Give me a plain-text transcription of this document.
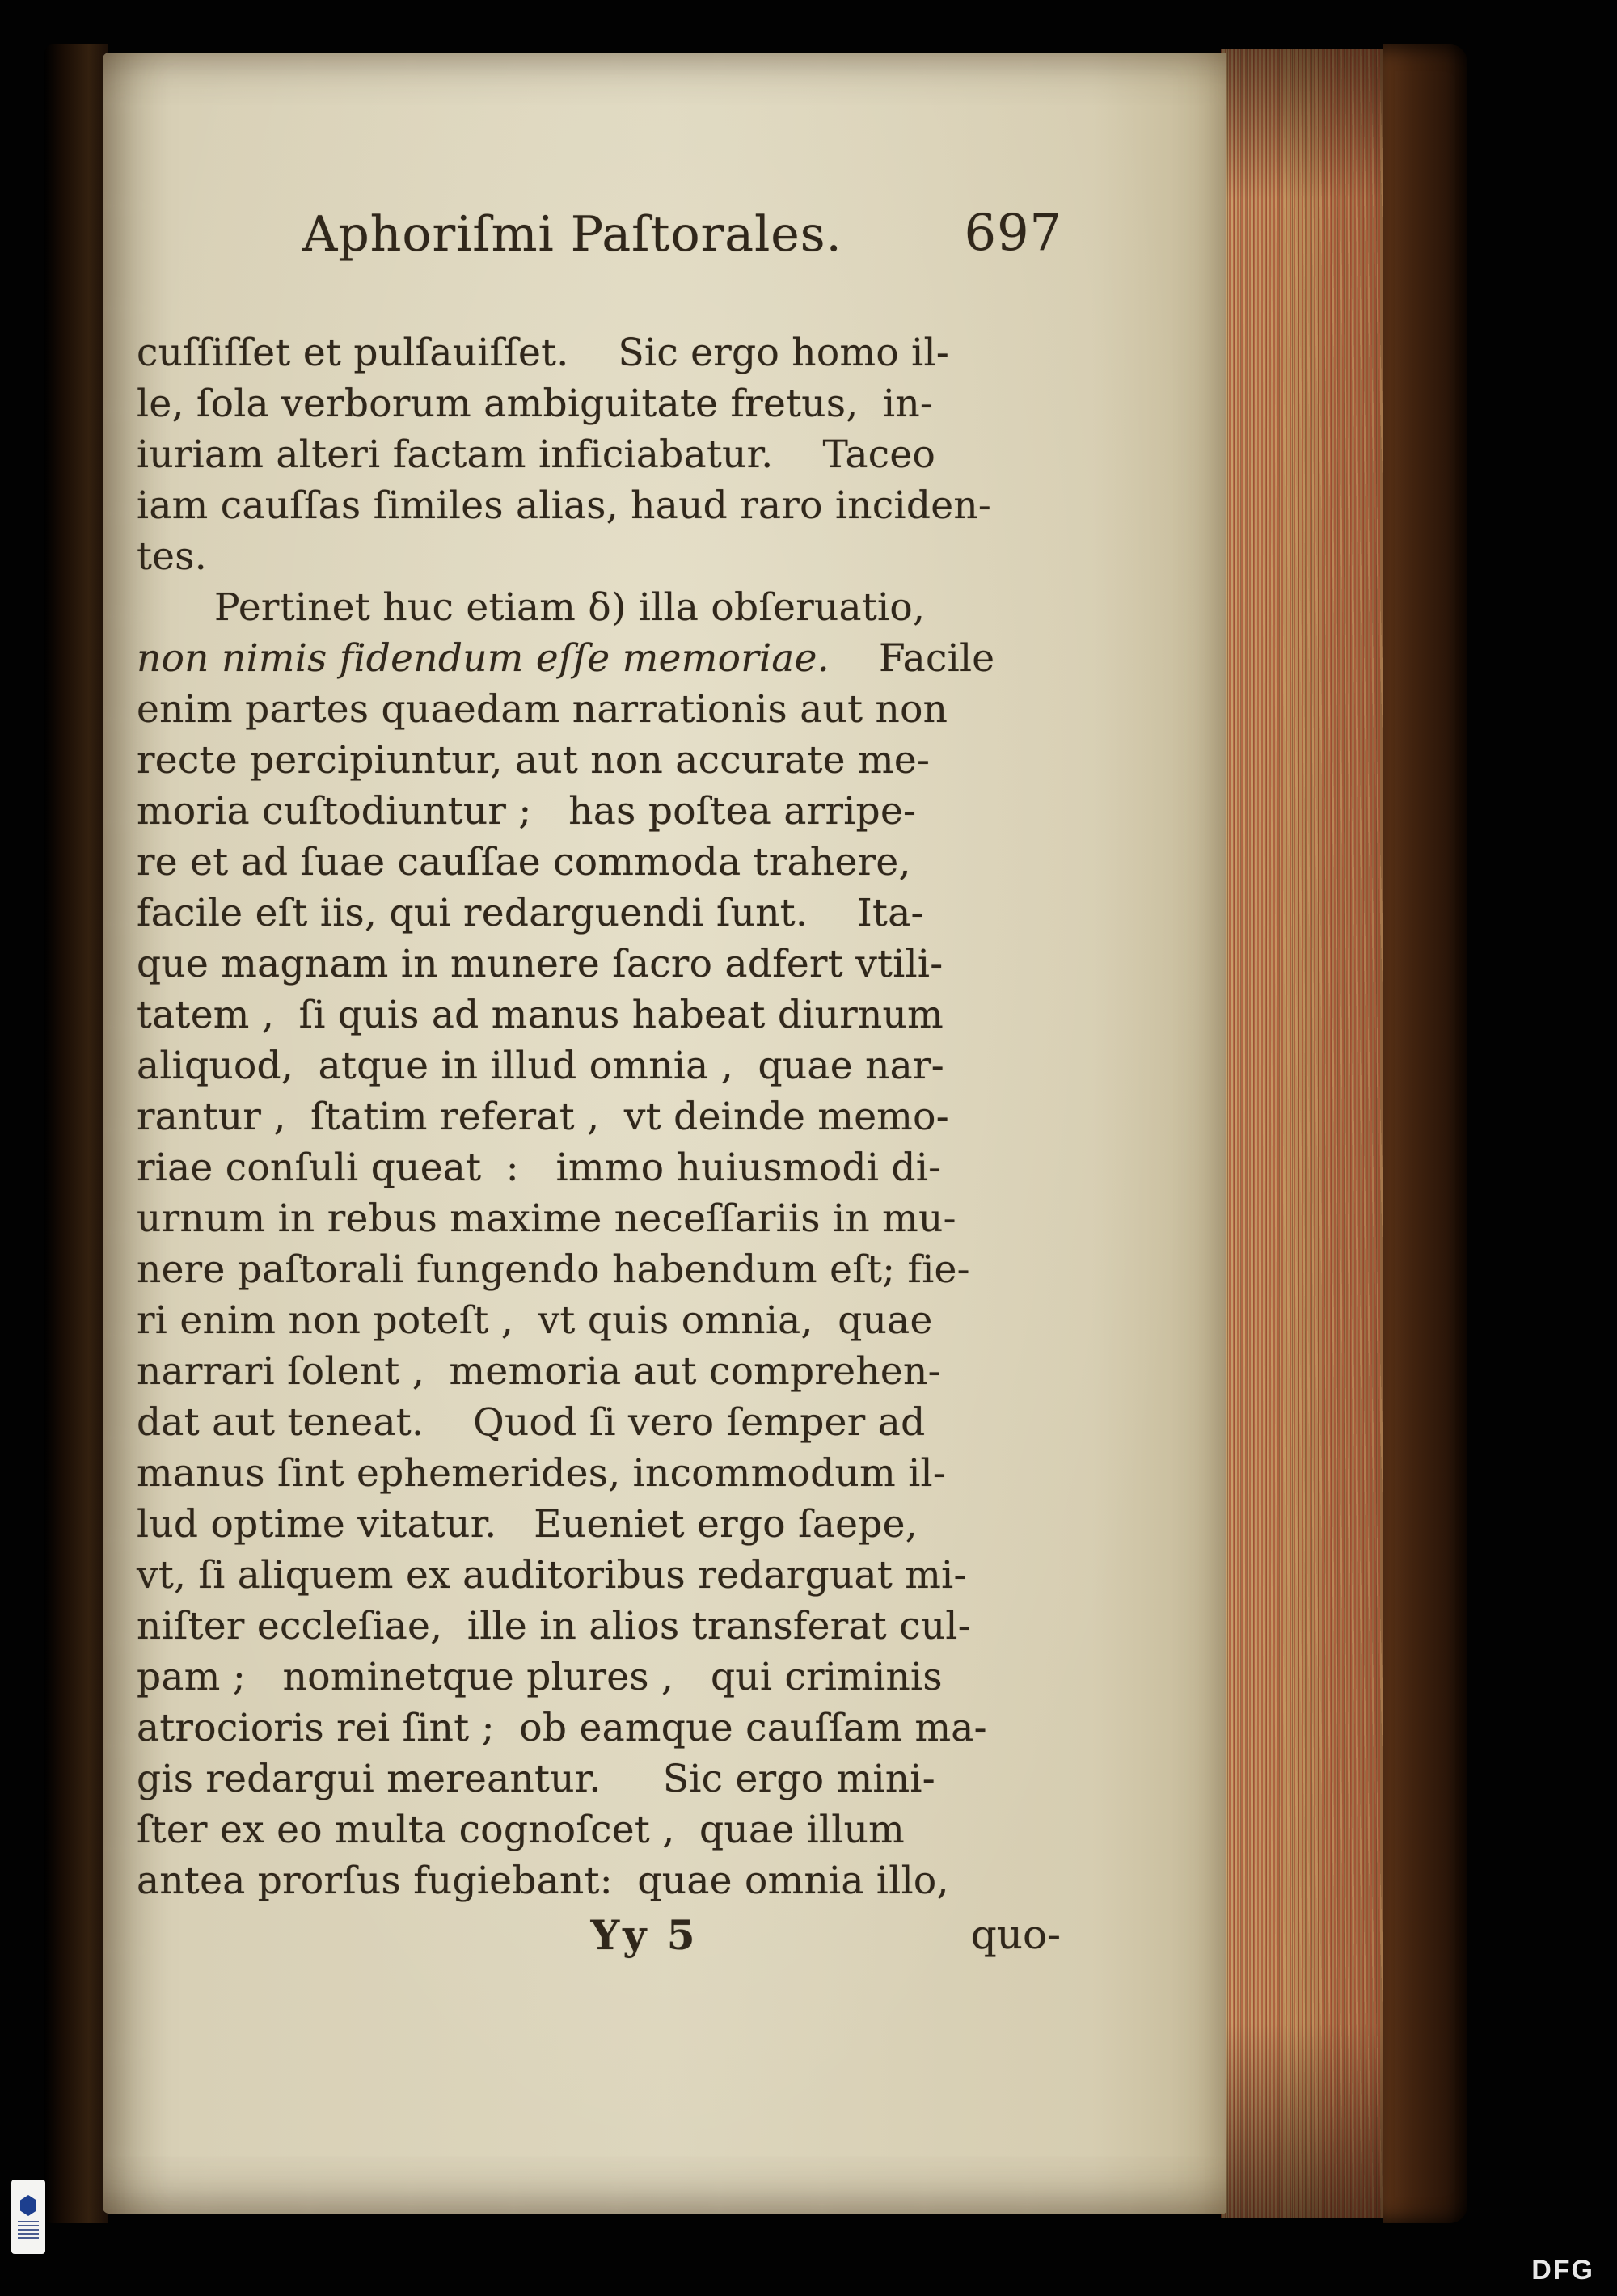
Aphoriſmi Paſtorales.

697

cuſſiſſet et pulſauiſſet.    Sic ergo homo il-
le, ſola verborum ambiguitate fretus,  in-
iuriam alteri factam inficiabatur.    Taceo
iam cauſſas ſimiles alias, haud raro inciden-
tes.
Pertinet huc etiam δ) illa obſeruatio,
non nimis fidendum eſſe memoriae.    Facile
enim partes quaedam narrationis aut non
recte percipiuntur, aut non accurate me-
moria cuſtodiuntur ;   has poſtea arripe-
re et ad ſuae cauſſae commoda trahere,
facile eſt iis, qui redarguendi ſunt.    Ita-
que magnam in munere ſacro adfert vtili-
tatem ,  ſi quis ad manus habeat diurnum
aliquod,  atque in illud omnia ,  quae nar-
rantur ,  ſtatim referat ,  vt deinde memo-
riae conſuli queat  :   immo huiusmodi di-
urnum in rebus maxime neceſſariis in mu-
nere paſtorali fungendo habendum eſt; fie-
ri enim non poteſt ,  vt quis omnia,  quae
narrari ſolent ,  memoria aut comprehen-
dat aut teneat.    Quod ſi vero ſemper ad
manus ſint ephemerides, incommodum il-
lud optime vitatur.   Eueniet ergo ſaepe,
vt, ſi aliquem ex auditoribus redarguat mi-
niſter eccleſiae,  ille in alios transferat cul-
pam ;   nominetque plures ,   qui criminis
atrocioris rei ſint ;  ob eamque cauſſam ma-
gis redargui mereantur.     Sic ergo mini-
ſter ex eo multa cognoſcet ,  quae illum
antea prorſus fugiebant:  quae omnia illo,
Yy 5	quo-
DFG
